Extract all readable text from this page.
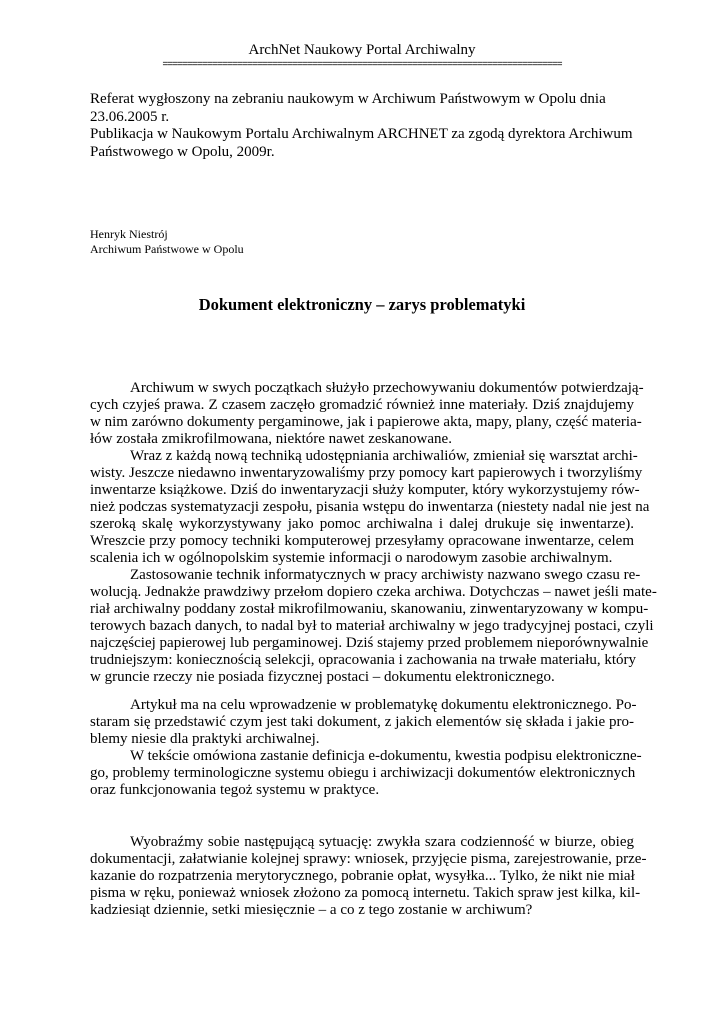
ArchNet Naukowy Portal Archiwalny
================================================================================

Referat wygłoszony na zebraniu naukowym w Archiwum Państwowym w Opolu dnia 23.06.2005 r.

Publikacja w Naukowym Portalu Archiwalnym ARCHNET za zgodą dyrektora Archiwum Państwowego w Opolu, 2009r.

Henryk Niestrój
Archiwum Państwowe w Opolu
Dokument elektroniczny – zarys problematyki
Archiwum w swych początkach służyło przechowywaniu dokumentów potwierdzają-
cych czyjeś prawa. Z czasem zaczęło gromadzić również inne materiały. Dziś znajdujemy
w nim zarówno dokumenty pergaminowe, jak i papierowe akta, mapy, plany, część materia-
łów została zmikrofilmowana, niektóre nawet zeskanowane.
Wraz z każdą nową techniką udostępniania archiwaliów, zmieniał się warsztat archi-
wisty. Jeszcze niedawno inwentaryzowaliśmy przy pomocy kart papierowych i tworzyliśmy
inwentarze książkowe. Dziś do inwentaryzacji służy komputer, który wykorzystujemy rów-
nież podczas systematyzacji zespołu, pisania wstępu do inwentarza (niestety nadal nie jest na
szeroką skalę wykorzystywany jako pomoc archiwalna i dalej drukuje się inwentarze).
Wreszcie przy pomocy techniki komputerowej przesyłamy opracowane inwentarze, celem
scalenia ich w ogólnopolskim systemie informacji o narodowym zasobie archiwalnym.
Zastosowanie technik informatycznych w pracy archiwisty nazwano swego czasu re-
wolucją. Jednakże prawdziwy przełom dopiero czeka archiwa. Dotychczas – nawet jeśli mate-
riał archiwalny poddany został mikrofilmowaniu, skanowaniu, zinwentaryzowany w kompu-
terowych bazach danych, to nadal był to materiał archiwalny w jego tradycyjnej postaci, czyli
najczęściej papierowej lub pergaminowej. Dziś stajemy przed problemem nieporównywalnie
trudniejszym: koniecznością selekcji, opracowania i zachowania na trwałe materiału, który
w gruncie rzeczy nie posiada fizycznej postaci – dokumentu elektronicznego.
Artykuł ma na celu wprowadzenie w problematykę dokumentu elektronicznego. Po-
staram się przedstawić czym jest taki dokument, z jakich elementów się składa i jakie pro-
blemy niesie dla praktyki archiwalnej.
W tekście omówiona zastanie definicja e-dokumentu, kwestia podpisu elektroniczne-
go, problemy terminologiczne systemu obiegu i archiwizacji dokumentów elektronicznych
oraz funkcjonowania tegoż systemu w praktyce.
Wyobraźmy sobie następującą sytuację: zwykła szara codzienność w biurze, obieg
dokumentacji, załatwianie kolejnej sprawy: wniosek, przyjęcie pisma, zarejestrowanie, prze-
kazanie do rozpatrzenia merytorycznego, pobranie opłat, wysyłka... Tylko, że nikt nie miał
pisma w ręku, ponieważ wniosek złożono za pomocą internetu. Takich spraw jest kilka, kil-
kadziesiąt dziennie, setki miesięcznie – a co z tego zostanie w archiwum?
